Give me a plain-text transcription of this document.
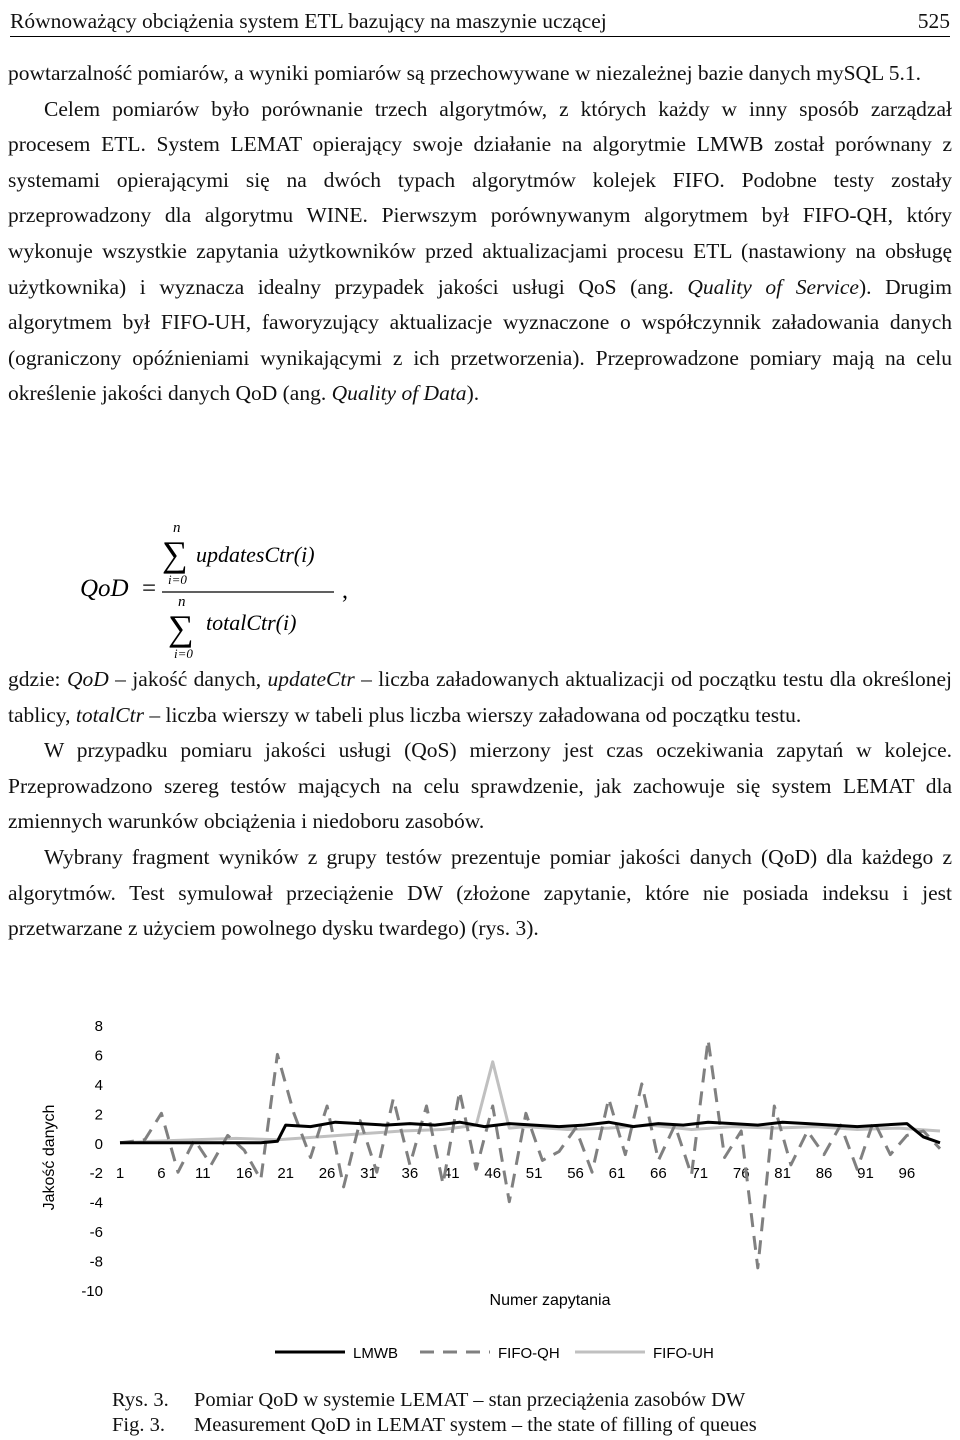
Równoważący obciążenia system ETL bazujący na maszynie uczącej	525

powtarzalność pomiarów, a wyniki pomiarów są przechowywane w niezależnej bazie danych mySQL 5.1.

Celem pomiarów było porównanie trzech algorytmów, z których każdy w inny sposób zarządzał procesem ETL. System LEMAT opierający swoje działanie na algorytmie LMWB został porównany z systemami opierającymi się na dwóch typach algorytmów kolejek FIFO. Podobne testy zostały przeprowadzony dla algorytmu WINE. Pierwszym porównywanym algorytmem był FIFO-QH, który wykonuje wszystkie zapytania użytkowników przed aktualizacjami procesu ETL (nastawiony na obsługę użytkownika) i wyznacza idealny przypadek jakości usługi QoS (ang. Quality of Service). Drugim algorytmem był FIFO-UH, faworyzujący aktualizacje wyznaczone o współczynnik załadowania danych (ograniczony opóźnieniami wynikającymi z ich przetworzenia). Przeprowadzone pomiary mają na celu określenie jakości danych QoD (ang. Quality of Data).

QoD =
n
∑
i=0
updatesCtr(i)
n
∑
i=0
totalCtr(i)
,

gdzie: QoD – jakość danych, updateCtr – liczba załadowanych aktualizacji od początku testu dla określonej tablicy, totalCtr – liczba wierszy w tabeli plus liczba wierszy załadowana od początku testu.

W przypadku pomiaru jakości usługi (QoS) mierzony jest czas oczekiwania zapytań w kolejce. Przeprowadzono szereg testów mających na celu sprawdzenie, jak zachowuje się system LEMAT dla zmiennych warunków obciążenia i niedoboru zasobów.

Wybrany fragment wyników z grupy testów prezentuje pomiar jakości danych (QoD) dla każdego z algorytmów. Test symulował przeciążenie DW (złożone zapytanie, które nie posiada indeksu i jest przetwarzane z użyciem powolnego dysku twardego) (rys. 3).

Jakość danych
8
6
4
2
0
-2
-4
-6
-8
-10
1 6 11 16 21 26 31 36 41 46 51 56 61 66 71 76 81 86 91 96
LMWB	FIFO-QH	FIFO-UH
Numer zapytania
Rys. 3. Pomiar QoD w systemie LEMAT – stan przeciążenia zasobów DW
Fig. 3. Measurement QoD in LEMAT system – the state of filling of queues
